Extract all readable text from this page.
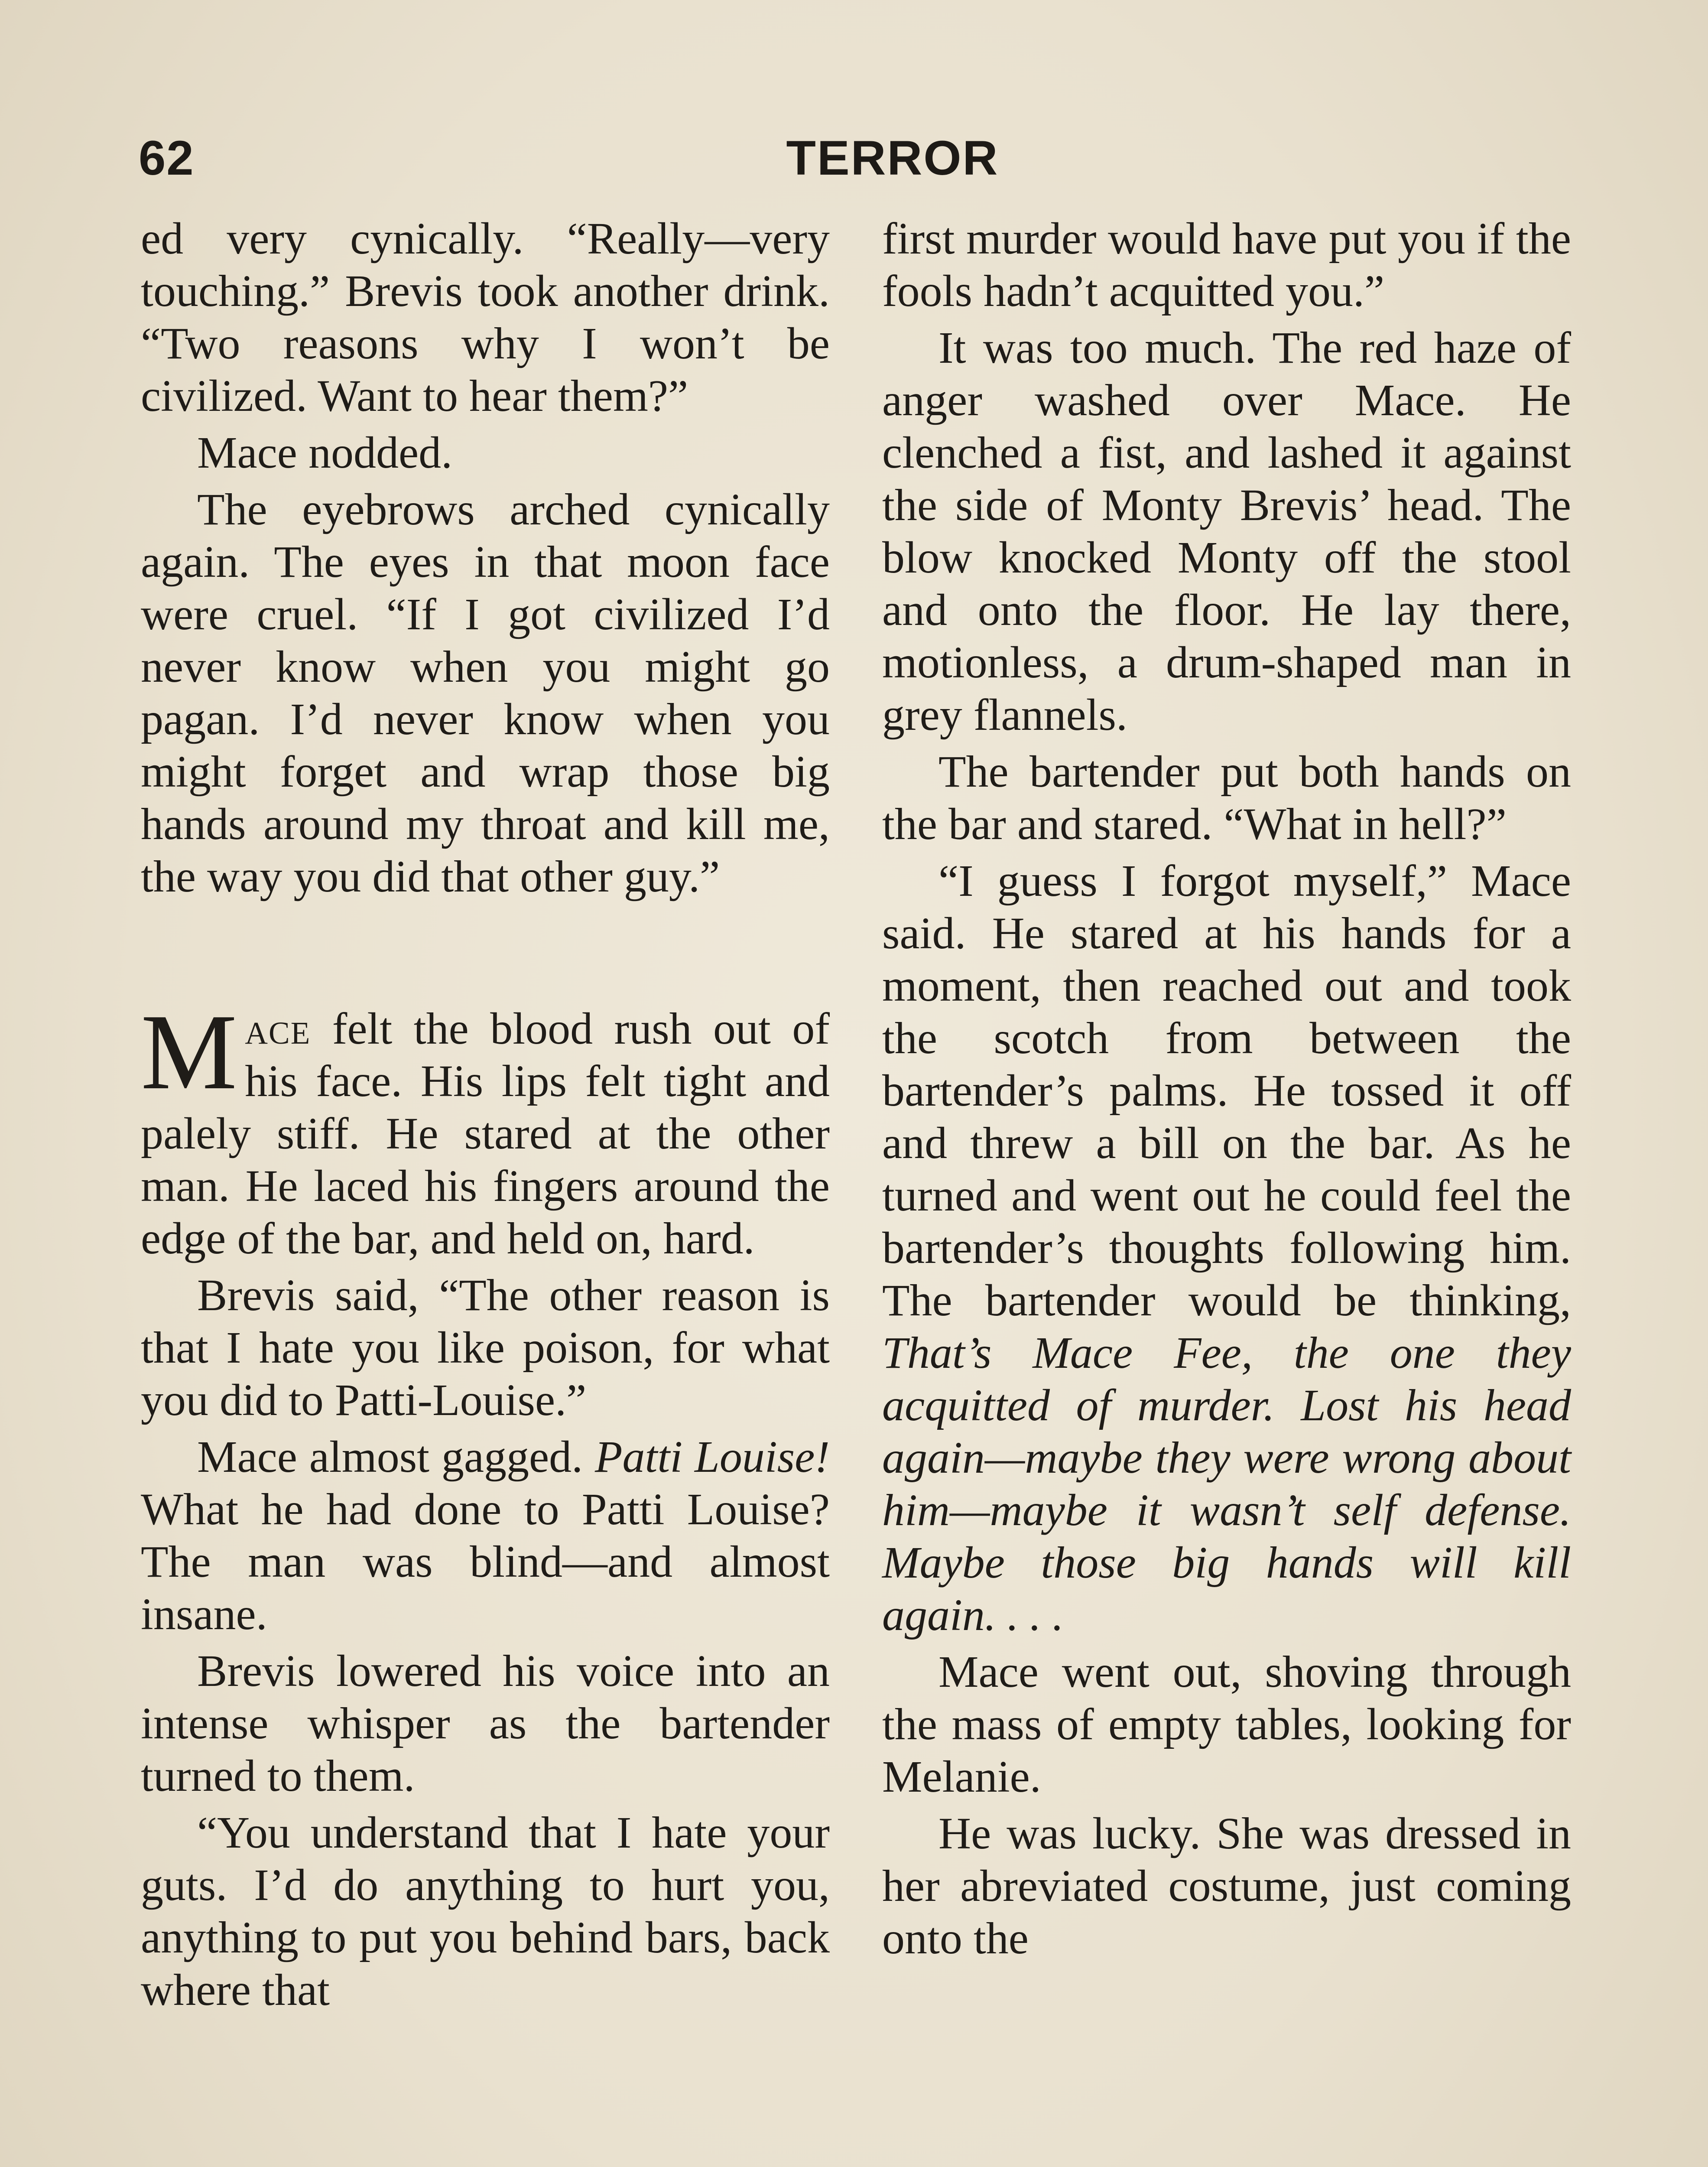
62	TERROR

ed very cynically. “Really—very touching.” Brevis took another drink. “Two reasons why I won’t be civilized. Want to hear them?”

Mace nodded.

The eyebrows arched cynically again. The eyes in that moon face were cruel. “If I got civilized I’d never know when you might go pagan. I’d never know when you might forget and wrap those big hands around my throat and kill me, the way you did that other guy.”

Mace felt the blood rush out of his face. His lips felt tight and palely stiff. He stared at the other man. He laced his fingers around the edge of the bar, and held on, hard.

Brevis said, “The other reason is that I hate you like poison, for what you did to Patti-Louise.”

Mace almost gagged. Patti Louise! What he had done to Patti Louise? The man was blind—and almost insane.

Brevis lowered his voice into an intense whisper as the bartender turned to them.

“You understand that I hate your guts. I’d do anything to hurt you, anything to put you behind bars, back where that

first murder would have put you if the fools hadn’t acquitted you.”

It was too much. The red haze of anger washed over Mace. He clenched a fist, and lashed it against the side of Monty Brevis’ head. The blow knocked Monty off the stool and onto the floor. He lay there, motionless, a drum-shaped man in grey flannels.

The bartender put both hands on the bar and stared. “What in hell?”

“I guess I forgot myself,” Mace said. He stared at his hands for a moment, then reached out and took the scotch from between the bartender’s palms. He tossed it off and threw a bill on the bar. As he turned and went out he could feel the bartender’s thoughts following him. The bartender would be thinking, That’s Mace Fee, the one they acquitted of murder. Lost his head again—maybe they were wrong about him—maybe it wasn’t self defense. Maybe those big hands will kill again. . . .

Mace went out, shoving through the mass of empty tables, looking for Melanie.

He was lucky. She was dressed in her abreviated costume, just coming onto the
